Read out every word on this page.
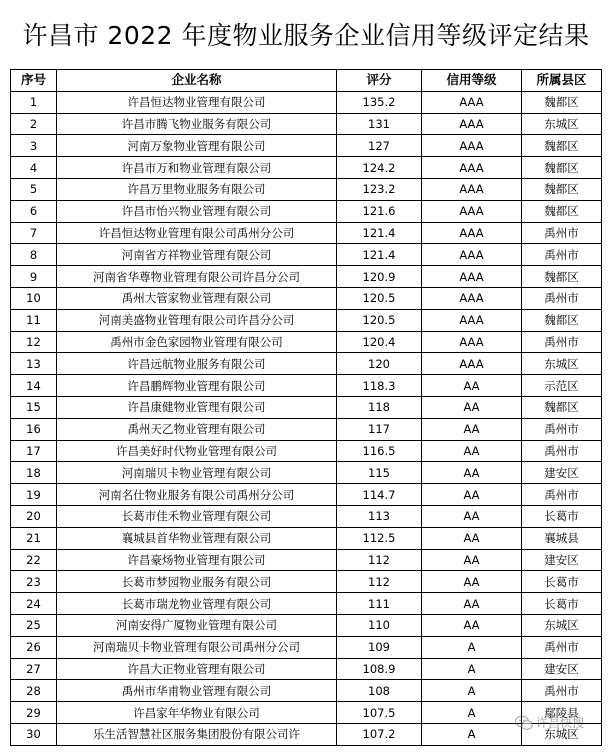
许昌市 2022 年度物业服务企业信用等级评定结果
序号	企业名称	评分	信用等级	所属县区
1	许昌恒达物业管理有限公司	135.2	AAA	魏都区
2	许昌市腾飞物业服务有限公司	131	AAA	东城区
3	河南万象物业管理有限公司	127	AAA	魏都区
4	许昌市万和物业管理有限公司	124.2	AAA	魏都区
5	许昌万里物业服务有限公司	123.2	AAA	魏都区
6	许昌市怡兴物业管理有限公司	121.6	AAA	魏都区
7	许昌恒达物业管理有限公司禹州分公司	121.4	AAA	禹州市
8	河南省方祥物业管理有限公司	121.4	AAA	禹州市
9	河南省华尊物业管理有限公司许昌分公司	120.9	AAA	魏都区
10	禹州大管家物业管理有限公司	120.5	AAA	禹州市
11	河南美盛物业管理有限公司许昌分公司	120.5	AAA	魏都区
12	禹州市金色家园物业管理有限公司	120.4	AAA	禹州市
13	许昌远航物业服务有限公司	120	AAA	东城区
14	许昌鹏辉物业管理有限公司	118.3	AA	示范区
15	许昌康健物业管理有限公司	118	AA	魏都区
16	禹州天乙物业管理有限公司	117	AA	禹州市
17	许昌美好时代物业管理有限公司	116.5	AA	禹州市
18	河南瑞贝卡物业管理有限公司	115	AA	建安区
19	河南名仕物业服务有限公司禹州分公司	114.7	AA	禹州市
20	长葛市佳禾物业管理有限公司	113	AA	长葛市
21	襄城县首华物业管理有限公司	112.5	AA	襄城县
22	许昌豪炀物业管理有限公司	112	AA	建安区
23	长葛市梦园物业服务有限公司	112	AA	长葛市
24	长葛市瑞龙物业管理有限公司	111	AA	长葛市
25	河南安得广厦物业管理有限公司	110	AA	东城区
26	河南瑞贝卡物业管理有限公司禹州分公司	109	A	禹州市
27	许昌大正物业管理有限公司	108.9	A	建安区
28	禹州市华甫物业管理有限公司	108	A	禹州市
29	许昌家年华物业有限公司	107.5	A	鄢陵县
30	乐生活智慧社区服务集团股份有限公司许	107.2	A	东城区
许昌快搜
